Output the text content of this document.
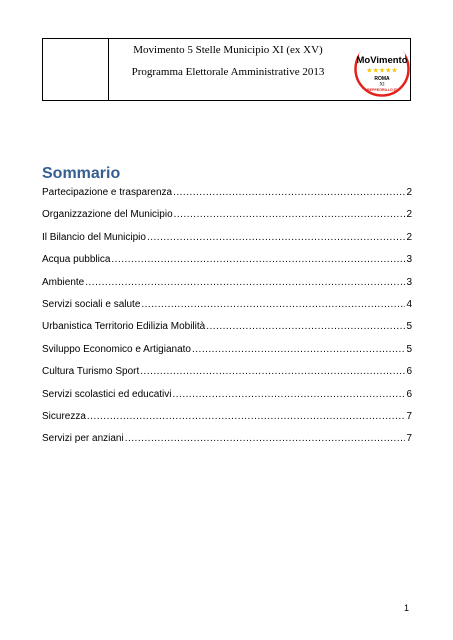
Movimento 5 Stelle Municipio XI (ex XV)
Programma Elettorale Amministrative 2013
MoVimento
★★★★★
ROMA
XI
BEPPEGRILLO.IT
Sommario
Partecipazione e trasparenza .....	2
Organizzazione del Municipio .....	2
Il Bilancio del Municipio .....	2
Acqua pubblica .....	3
Ambiente .....	3
Servizi sociali e salute .....	4
Urbanistica Territorio Edilizia Mobilità .....	5
Sviluppo Economico e Artigianato .....	5
Cultura Turismo Sport .....	6
Servizi scolastici ed educativi .....	6
Sicurezza .....	7
Servizi per anziani .....	7
1
